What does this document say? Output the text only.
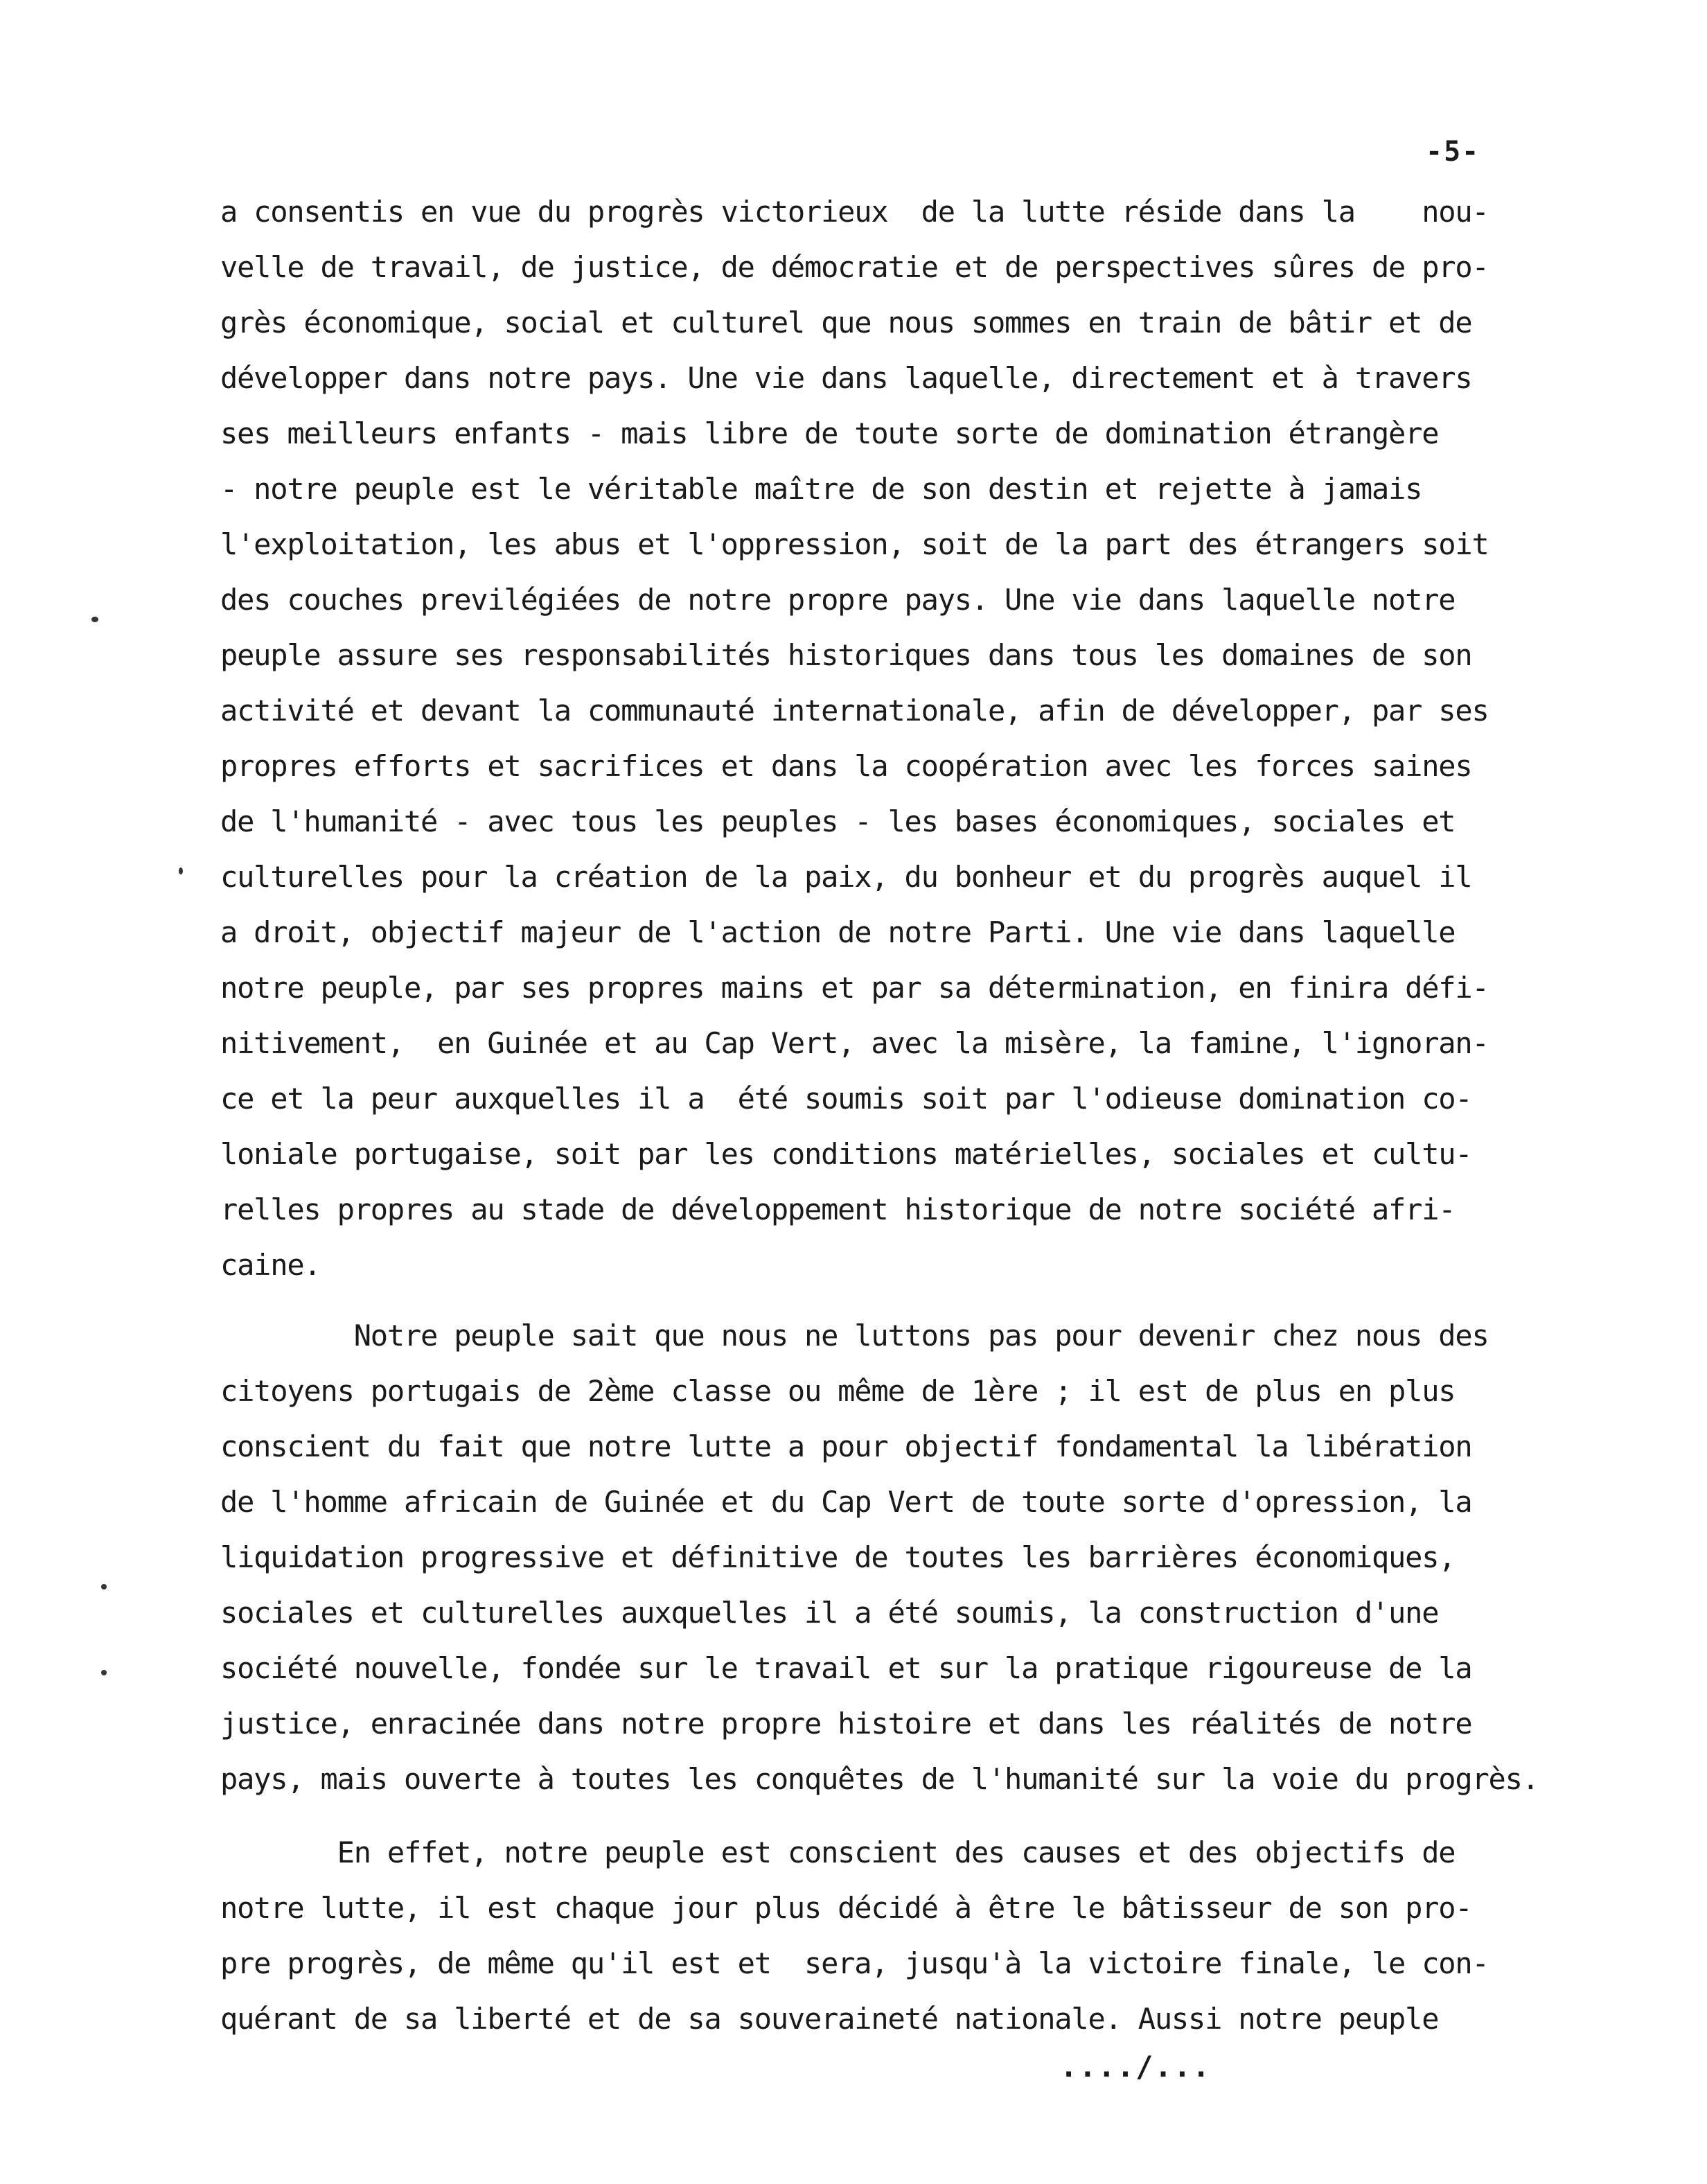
-5-
a consentis en vue du progrès victorieux  de la lutte réside dans la    nou-
velle de travail, de justice, de démocratie et de perspectives sûres de pro-
grès économique, social et culturel que nous sommes en train de bâtir et de
développer dans notre pays. Une vie dans laquelle, directement et à travers
ses meilleurs enfants - mais libre de toute sorte de domination étrangère
- notre peuple est le véritable maître de son destin et rejette à jamais
l'exploitation, les abus et l'oppression, soit de la part des étrangers soit
des couches previlégiées de notre propre pays. Une vie dans laquelle notre
peuple assure ses responsabilités historiques dans tous les domaines de son
activité et devant la communauté internationale, afin de développer, par ses
propres efforts et sacrifices et dans la coopération avec les forces saines
de l'humanité - avec tous les peuples - les bases économiques, sociales et
culturelles pour la création de la paix, du bonheur et du progrès auquel il
a droit, objectif majeur de l'action de notre Parti. Une vie dans laquelle
notre peuple, par ses propres mains et par sa détermination, en finira défi-
nitivement,  en Guinée et au Cap Vert, avec la misère, la famine, l'ignoran-
ce et la peur auxquelles il a  été soumis soit par l'odieuse domination co-
loniale portugaise, soit par les conditions matérielles, sociales et cultu-
relles propres au stade de développement historique de notre société afri-
caine.
Notre peuple sait que nous ne luttons pas pour devenir chez nous des
citoyens portugais de 2ème classe ou même de 1ère ; il est de plus en plus
conscient du fait que notre lutte a pour objectif fondamental la libération
de l'homme africain de Guinée et du Cap Vert de toute sorte d'opression, la
liquidation progressive et définitive de toutes les barrières économiques,
sociales et culturelles auxquelles il a été soumis, la construction d'une
société nouvelle, fondée sur le travail et sur la pratique rigoureuse de la
justice, enracinée dans notre propre histoire et dans les réalités de notre
pays, mais ouverte à toutes les conquêtes de l'humanité sur la voie du progrès.
En effet, notre peuple est conscient des causes et des objectifs de
notre lutte, il est chaque jour plus décidé à être le bâtisseur de son pro-
pre progrès, de même qu'il est et  sera, jusqu'à la victoire finale, le con-
quérant de sa liberté et de sa souveraineté nationale. Aussi notre peuple
..../...
